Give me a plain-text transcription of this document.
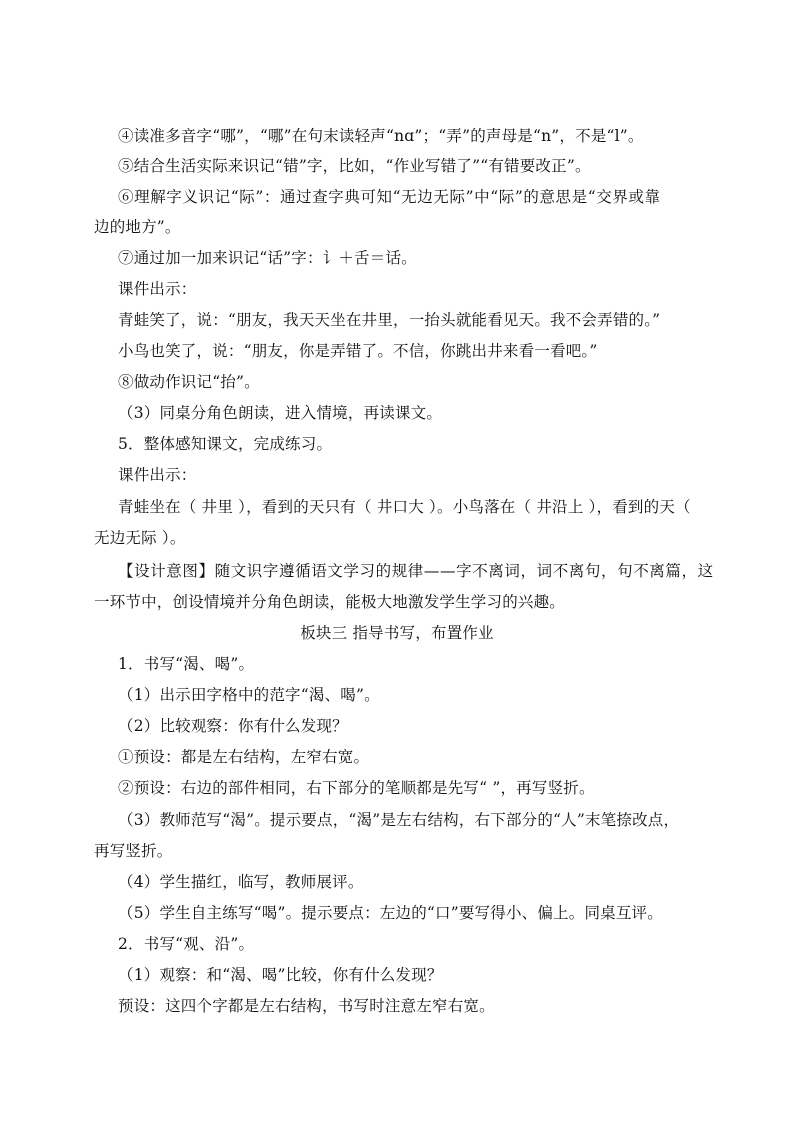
④读准多音字“哪”，“哪”在句末读轻声“nɑ”；“弄”的声母是“n”，不是“l”。
⑤结合生活实际来识记“错”字，比如，“作业写错了”“有错要改正”。
⑥理解字义识记“际”：通过查字典可知“无边无际”中“际”的意思是“交界或靠
边的地方”。
⑦通过加一加来识记“话”字：讠＋舌＝话。
课件出示：
青蛙笑了，说：“朋友，我天天坐在井里，一抬头就能看见天。我不会弄错的。”
小鸟也笑了，说：“朋友，你是弄错了。不信，你跳出井来看一看吧。”
⑧做动作识记“抬”。
（3）同桌分角色朗读，进入情境，再读课文。
5．整体感知课文，完成练习。
课件出示：
青蛙坐在（ 井里 ），看到的天只有（ 井口大 ）。小鸟落在（ 井沿上 ），看到的天（
无边无际 ）。
【设计意图】随文识字遵循语文学习的规律——字不离词，词不离句，句不离篇，这
一环节中，创设情境并分角色朗读，能极大地激发学生学习的兴趣。
板块三 指导书写，布置作业
1．书写“渴、喝”。
（1）出示田字格中的范字“渴、喝”。
（2）比较观察：你有什么发现？
①预设：都是左右结构，左窄右宽。
②预设：右边的部件相同，右下部分的笔顺都是先写“ ”，再写竖折。
（3）教师范写“渴”。提示要点，“渴”是左右结构，右下部分的“人”末笔捺改点，
再写竖折。
（4）学生描红，临写，教师展评。
（5）学生自主练写“喝”。提示要点：左边的“口”要写得小、偏上。同桌互评。
2．书写“观、沿”。
（1）观察：和“渴、喝”比较，你有什么发现？
预设：这四个字都是左右结构，书写时注意左窄右宽。
